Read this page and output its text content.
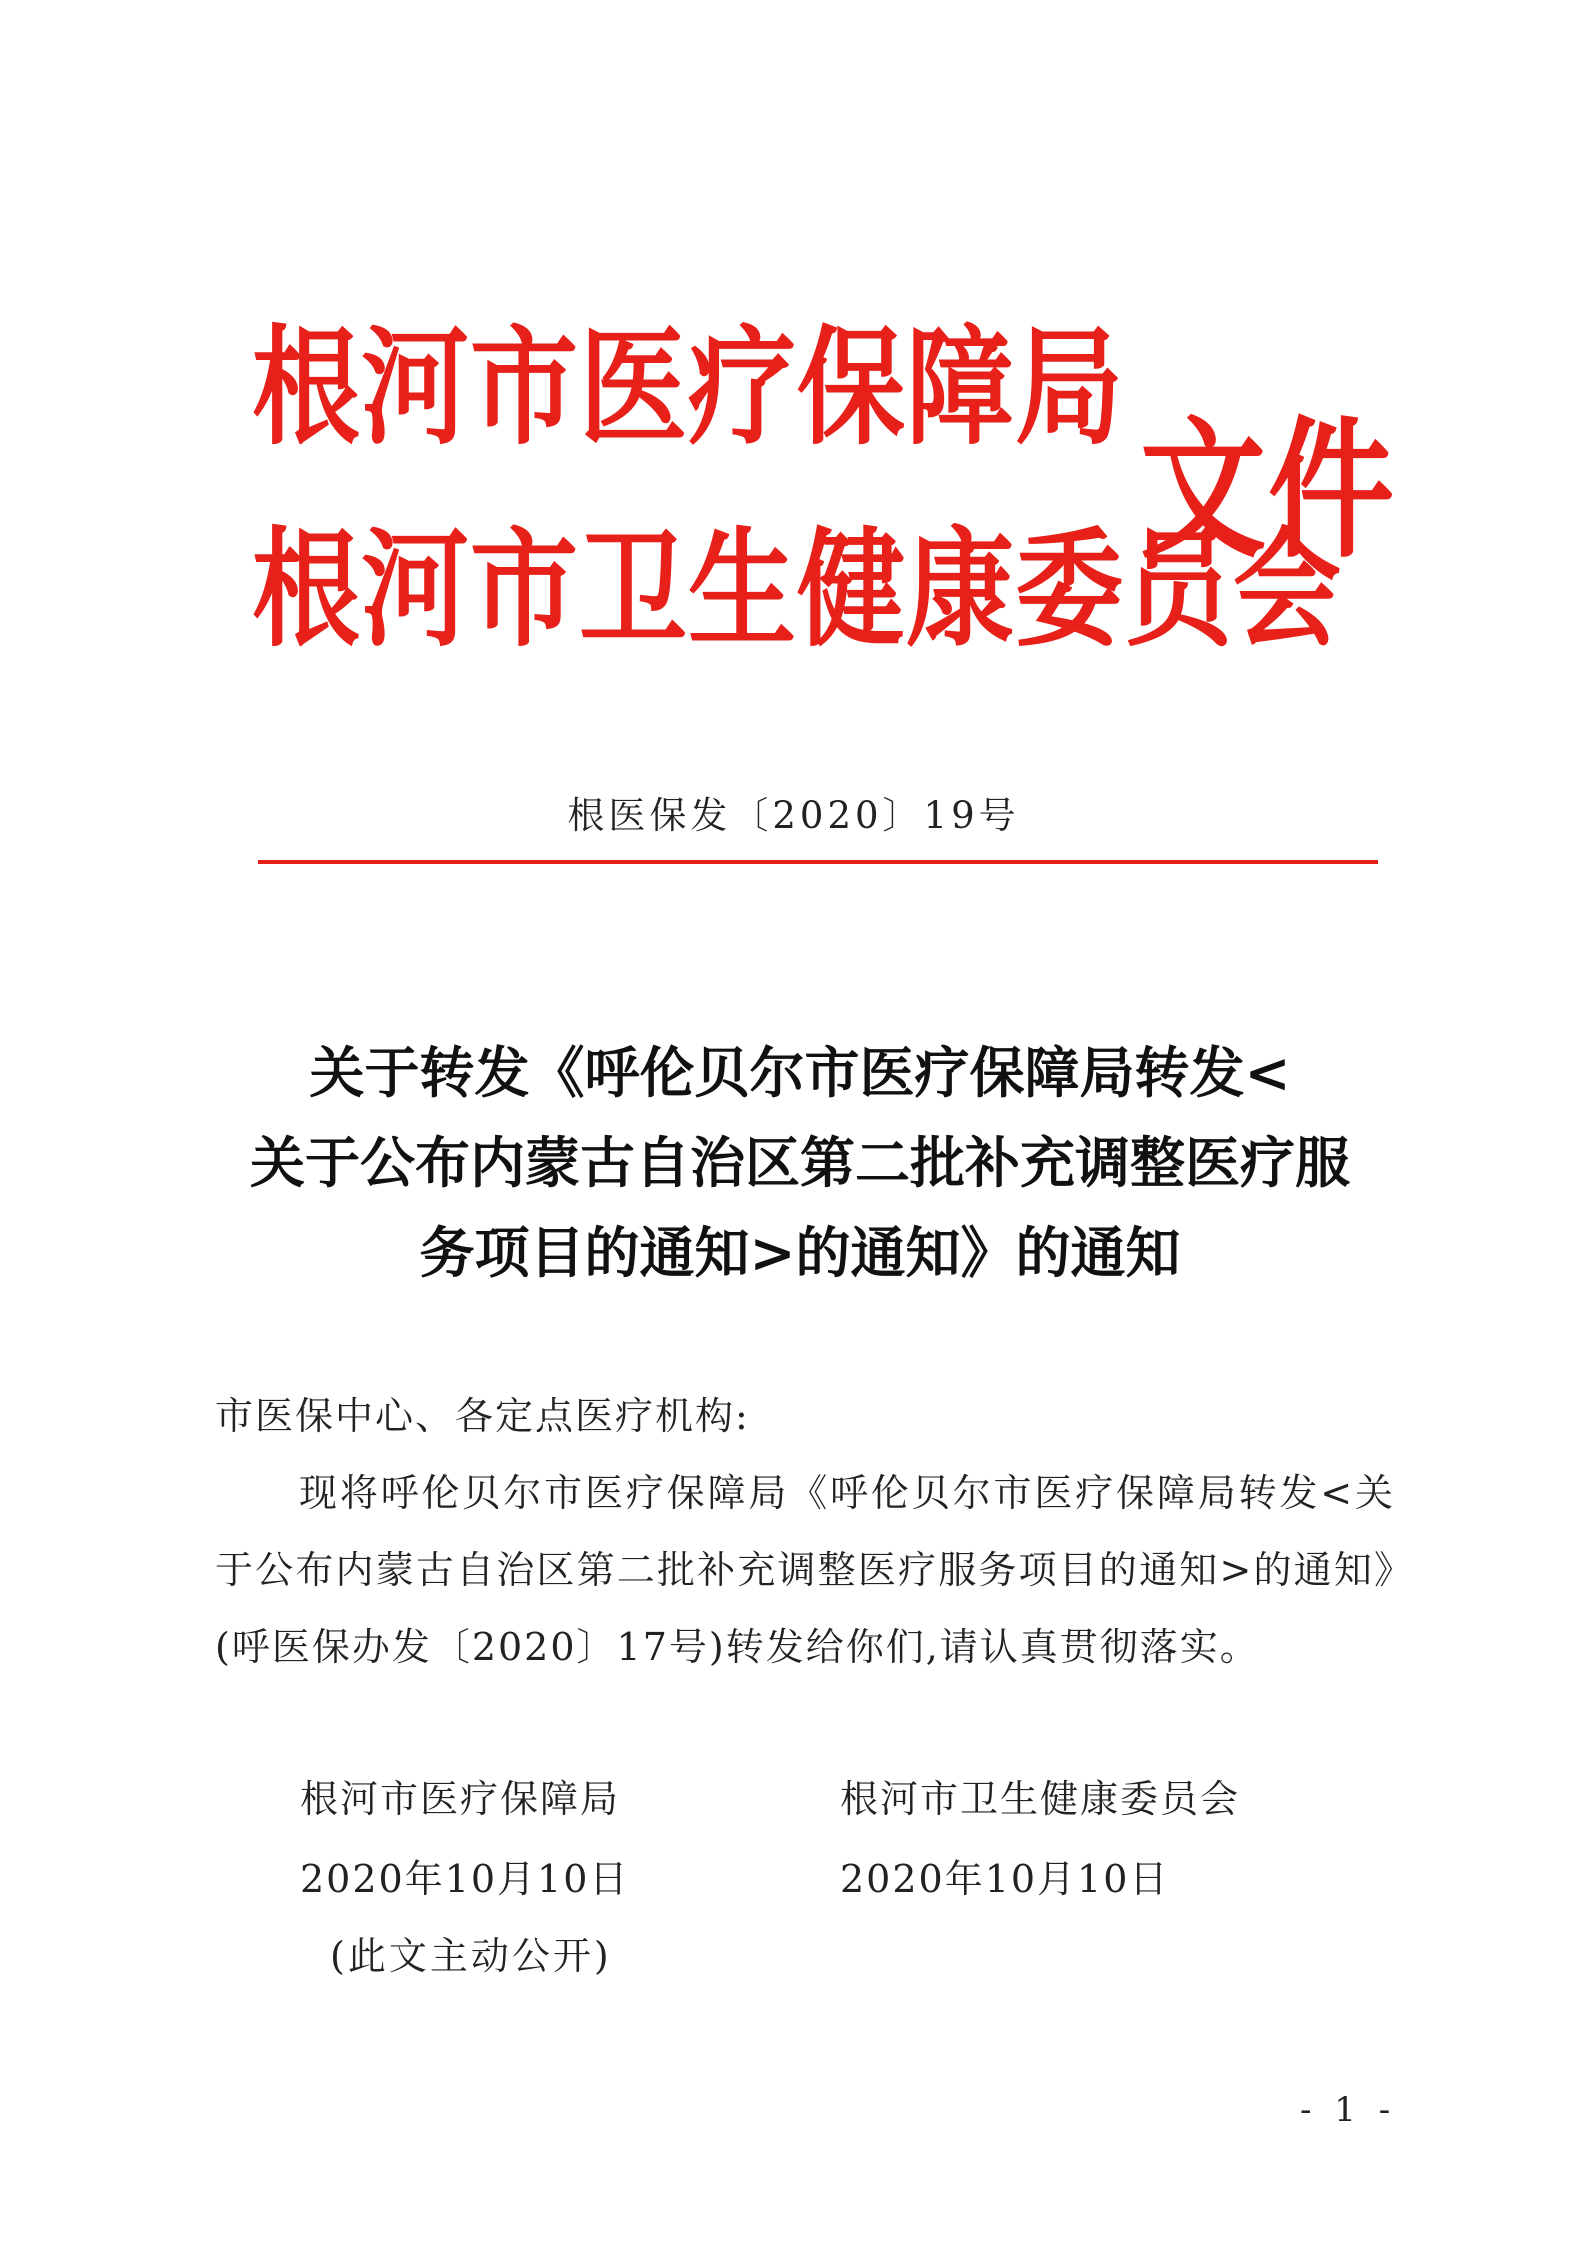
根河市医疗保障局
根河市卫生健康委员会
文件
根医保发〔2020〕19号
关于转发《呼伦贝尔市医疗保障局转发<
关于公布内蒙古自治区第二批补充调整医疗服
务项目的通知>的通知》的通知
市医保中心、各定点医疗机构:
现将呼伦贝尔市医疗保障局《呼伦贝尔市医疗保障局转发<关于公布内蒙古自治区第二批补充调整医疗服务项目的通知>的通知》(呼医保办发〔2020〕17号)转发给你们,请认真贯彻落实。
根河市医疗保障局	根河市卫生健康委员会
2020年10月10日	2020年10月10日
(此文主动公开)
- 1 -
